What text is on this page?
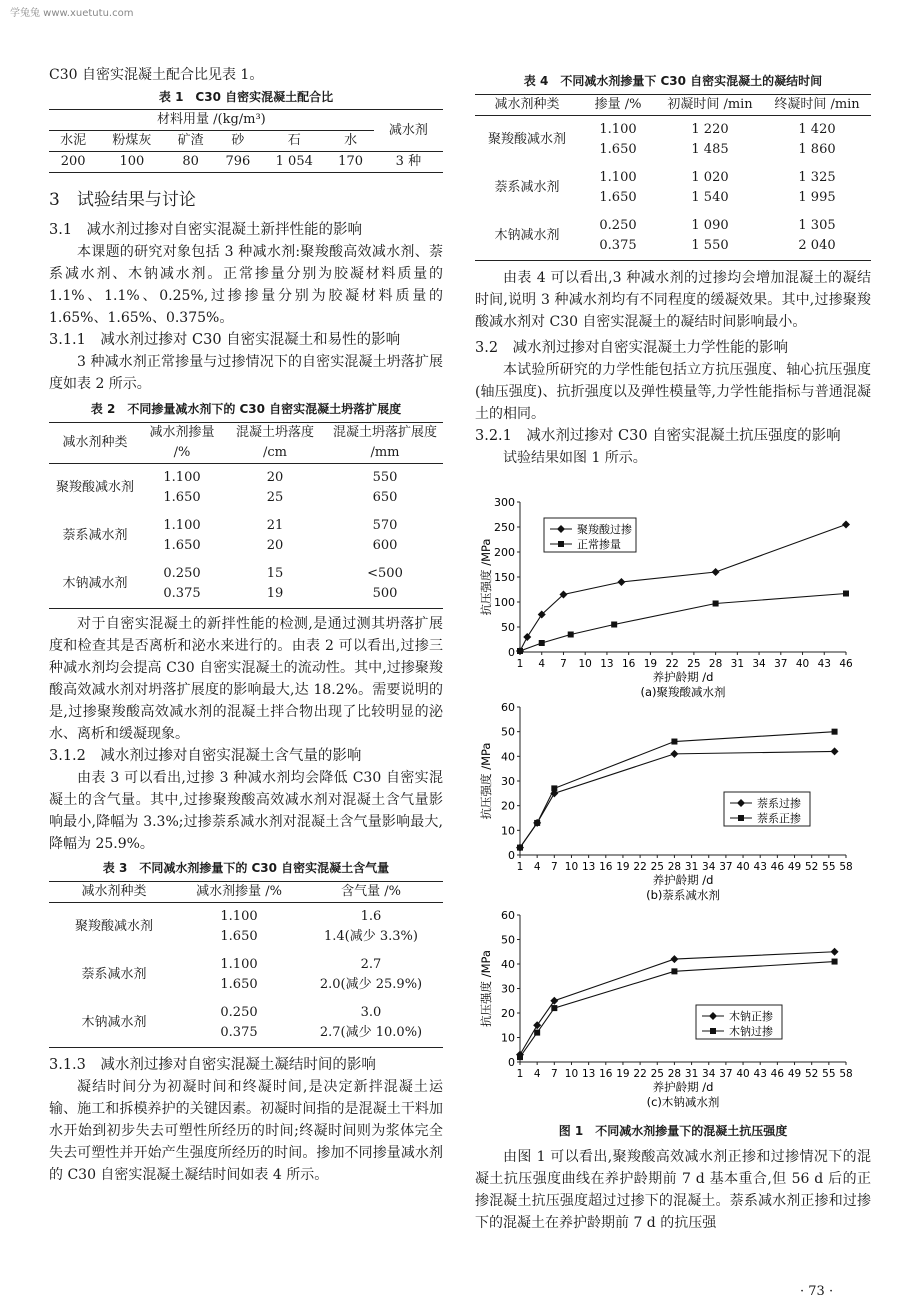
学兔兔 www.xuetutu.com

C30 自密实混凝土配合比见表 1。

表 1　C30 自密实混凝土配合比
材料用量 /(kg/m³)						减水剂
水泥	粉煤灰	矿渣	砂	石	水	
200	100	80	796	1 054	170	3 种
3　试验结果与讨论
3.1　减水剂过掺对自密实混凝土新拌性能的影响

本课题的研究对象包括 3 种减水剂:聚羧酸高效减水剂、萘系减水剂、木钠减水剂。正常掺量分别为胶凝材料质量的 1.1%、1.1%、0.25%,过掺掺量分别为胶凝材料质量的 1.65%、1.65%、0.375%。

3.1.1　减水剂过掺对 C30 自密实混凝土和易性的影响

3 种减水剂正常掺量与过掺情况下的自密实混凝土坍落扩展度如表 2 所示。

表 2　不同掺量减水剂下的 C30 自密实混凝土坍落扩展度
减水剂种类	减水剂掺量 /%	混凝土坍落度 /cm	混凝土坍落扩展度 /mm
聚羧酸减水剂	1.100	20	550
	1.650	25	650
萘系减水剂	1.100	21	570
	1.650	20	600
木钠减水剂	0.250	15	<500
	0.375	19	500

对于自密实混凝土的新拌性能的检测,是通过测其坍落扩展度和检查其是否离析和泌水来进行的。由表 2 可以看出,过掺三种减水剂均会提高 C30 自密实混凝土的流动性。其中,过掺聚羧酸高效减水剂对坍落扩展度的影响最大,达 18.2%。需要说明的是,过掺聚羧酸高效减水剂的混凝土拌合物出现了比较明显的泌水、离析和缓凝现象。

3.1.2　减水剂过掺对自密实混凝土含气量的影响

由表 3 可以看出,过掺 3 种减水剂均会降低 C30 自密实混凝土的含气量。其中,过掺聚羧酸高效减水剂对混凝土含气量影响最小,降幅为 3.3%;过掺萘系减水剂对混凝土含气量影响最大,降幅为 25.9%。

表 3　不同减水剂掺量下的 C30 自密实混凝土含气量
减水剂种类	减水剂掺量 /%	含气量 /%
聚羧酸减水剂	1.100	1.6
	1.650	1.4(减少 3.3%)
萘系减水剂	1.100	2.7
	1.650	2.0(减少 25.9%)
木钠减水剂	0.250	3.0
	0.375	2.7(减少 10.0%)
3.1.3　减水剂过掺对自密实混凝土凝结时间的影响

凝结时间分为初凝时间和终凝时间,是决定新拌混凝土运输、施工和拆模养护的关键因素。初凝时间指的是混凝土干料加水开始到初步失去可塑性所经历的时间;终凝时间则为浆体完全失去可塑性并开始产生强度所经历的时间。掺加不同掺量减水剂的 C30 自密实混凝土凝结时间如表 4 所示。

表 4　不同减水剂掺量下 C30 自密实混凝土的凝结时间
减水剂种类	掺量 /%	初凝时间 /min	终凝时间 /min
聚羧酸减水剂	1.100	1 220	1 420
	1.650	1 485	1 860
萘系减水剂	1.100	1 020	1 325
	1.650	1 540	1 995
木钠减水剂	0.250	1 090	1 305
	0.375	1 550	2 040

由表 4 可以看出,3 种减水剂的过掺均会增加混凝土的凝结时间,说明 3 种减水剂均有不同程度的缓凝效果。其中,过掺聚羧酸减水剂对 C30 自密实混凝土的凝结时间影响最小。

3.2　减水剂过掺对自密实混凝土力学性能的影响

本试验所研究的力学性能包括立方抗压强度、轴心抗压强度(轴压强度)、抗折强度以及弹性模量等,力学性能指标与普通混凝土的相同。

3.2.1　减水剂过掺对 C30 自密实混凝土抗压强度的影响

试验结果如图 1 所示。

0
50
100
150
200
250
300
1 4 7 10 13 16 19 22 25 28 31 34 37 40 43 46
养护龄期 /d
抗压强度 /MPa
(a)聚羧酸减水剂
聚羧酸过掺
正常掺量
0
10
20
30
40
50
60
1 4 7 10 13 16 19 22 25 28 31 34 37 40 43 46 49 52 55 58
养护龄期 /d
抗压强度 /MPa
(b)萘系减水剂
萘系过掺
萘系正掺
0
10
20
30
40
50
60
1 4 7 10 13 16 19 22 25 28 31 34 37 40 43 46 49 52 55 58
养护龄期 /d
抗压强度 /MPa
(c)木钠减水剂
木钠正掺
木钠过掺
图 1　不同减水剂掺量下的混凝土抗压强度

由图 1 可以看出,聚羧酸高效减水剂正掺和过掺情况下的混凝土抗压强度曲线在养护龄期前 7 d 基本重合,但 56 d 后的正掺混凝土抗压强度超过过掺下的混凝土。萘系减水剂正掺和过掺下的混凝土在养护龄期前 7 d 的抗压强

· 73 ·
